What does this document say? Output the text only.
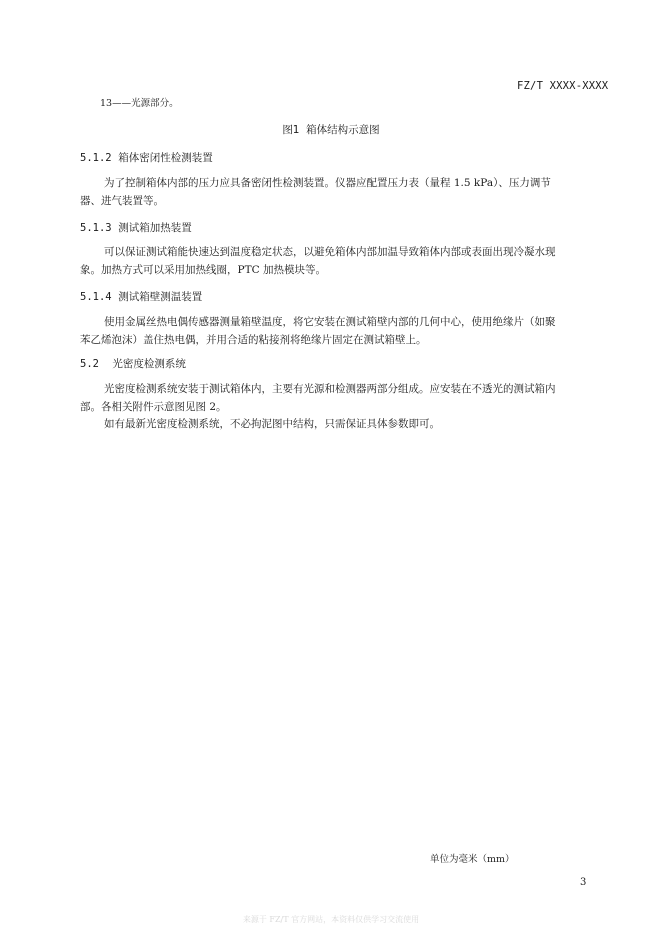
FZ/T XXXX-XXXX
13——光源部分。
图1  箱体结构示意图
5.1.2 箱体密闭性检测装置
为了控制箱体内部的压力应具备密闭性检测装置。仪器应配置压力表（量程 1.5 kPa）、压力调节
器、进气装置等。
5.1.3 测试箱加热装置
可以保证测试箱能快速达到温度稳定状态，以避免箱体内部加温导致箱体内部或表面出现冷凝水现
象。加热方式可以采用加热线圈，PTC 加热模块等。
5.1.4 测试箱壁测温装置
使用金属丝热电偶传感器测量箱壁温度，将它安装在测试箱壁内部的几何中心，使用绝缘片（如聚
苯乙烯泡沫）盖住热电偶，并用合适的粘接剂将绝缘片固定在测试箱壁上。
5.2 光密度检测系统
光密度检测系统安装于测试箱体内，主要有光源和检测器两部分组成。应安装在不透光的测试箱内
部。各相关附件示意图见图 2。
如有最新光密度检测系统，不必拘泥图中结构，只需保证具体参数即可。
单位为毫米（mm）
3
来源于 FZ/T 官方网站，本资料仅供学习交流使用
